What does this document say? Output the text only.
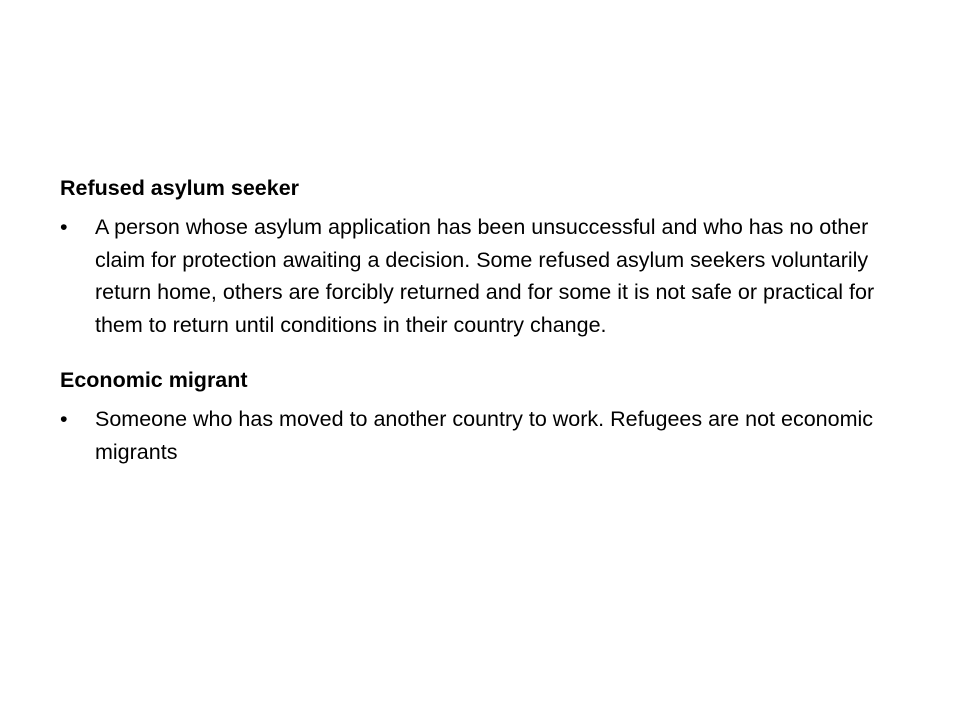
Refused asylum seeker
•	A person whose asylum application has been unsuccessful and who has no other claim for protection awaiting a decision. Some refused asylum seekers voluntarily return home, others are forcibly returned and for some it is not safe or practical for them to return until conditions in their country change.

Economic migrant
•	Someone who has moved to another country to work. Refugees are not economic migrants
